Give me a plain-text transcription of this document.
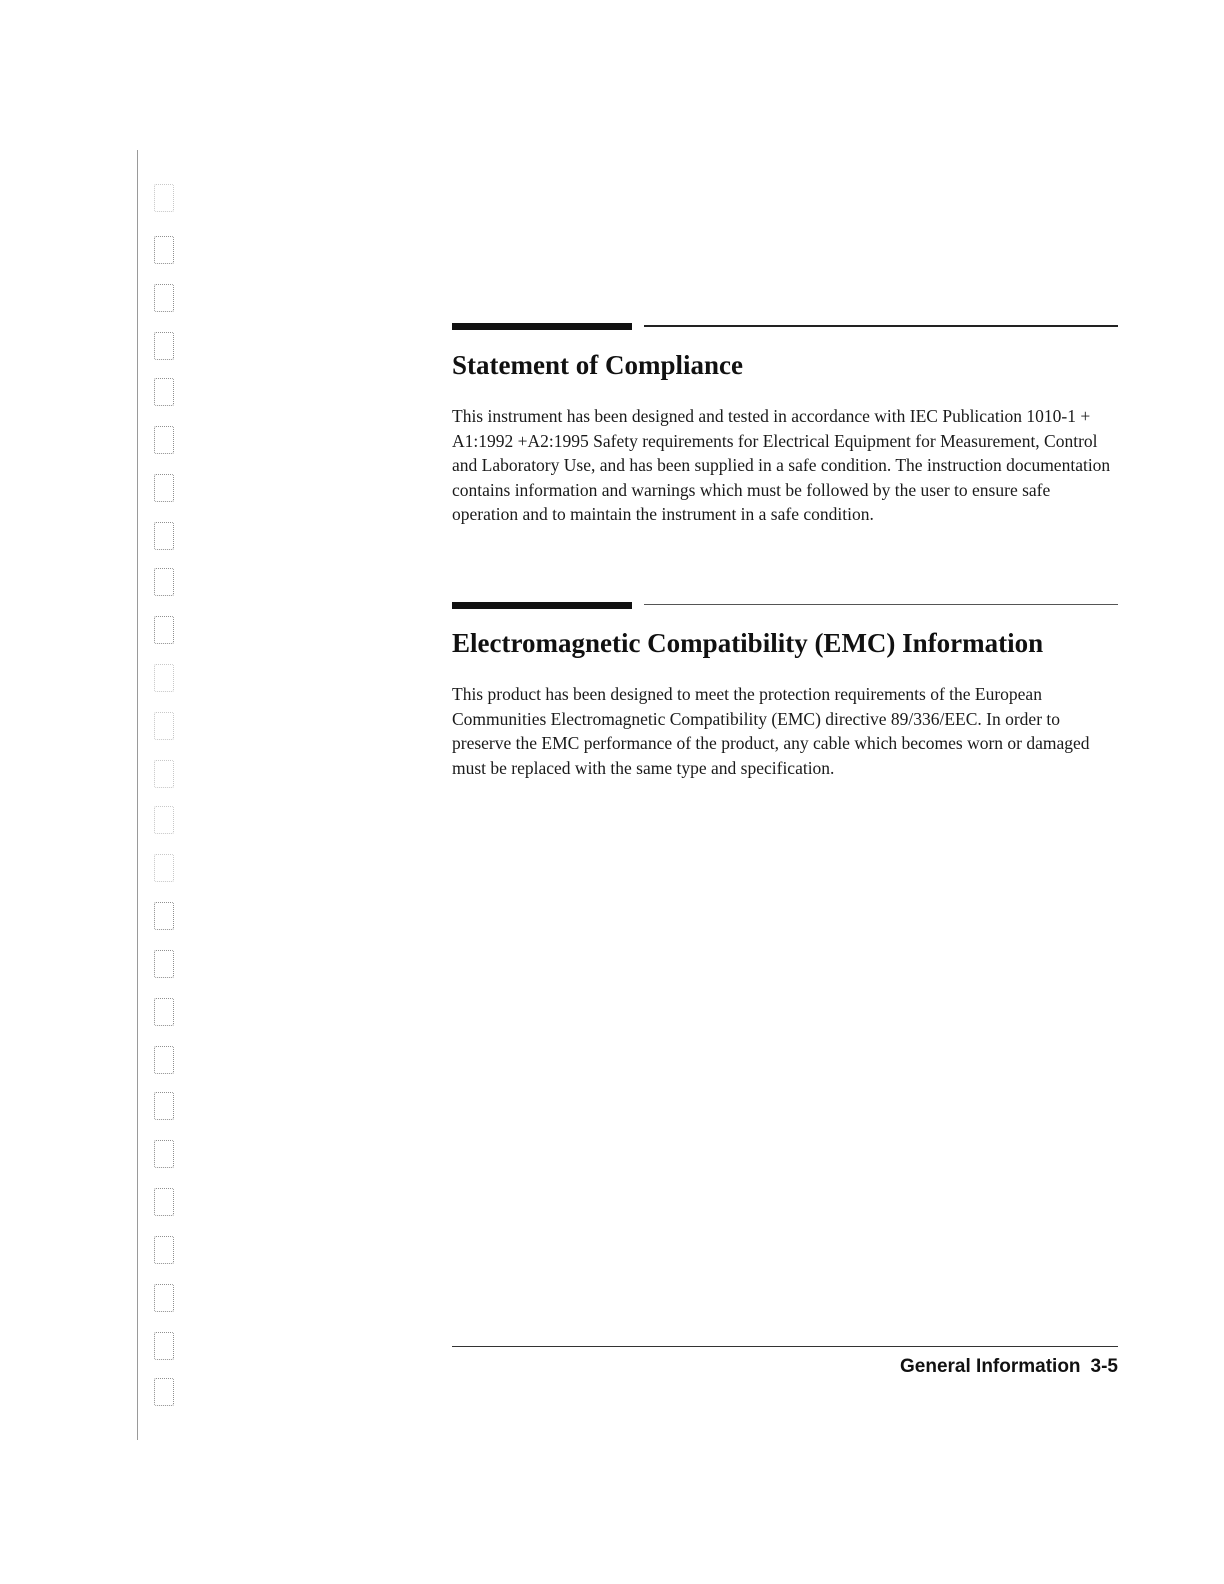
Statement of Compliance

This instrument has been designed and tested in accordance with IEC Publication 1010-1 + A1:1992 +A2:1995 Safety requirements for Electrical Equipment for Measurement, Control and Laboratory Use, and has been supplied in a safe condition. The instruction documentation contains information and warnings which must be followed by the user to ensure safe operation and to maintain the instrument in a safe condition.

Electromagnetic Compatibility (EMC) Information

This product has been designed to meet the protection requirements of the European Communities Electromagnetic Compatibility (EMC) directive 89/336/EEC. In order to preserve the EMC performance of the product, any cable which becomes worn or damaged must be replaced with the same type and specification.

General Information 3-5
